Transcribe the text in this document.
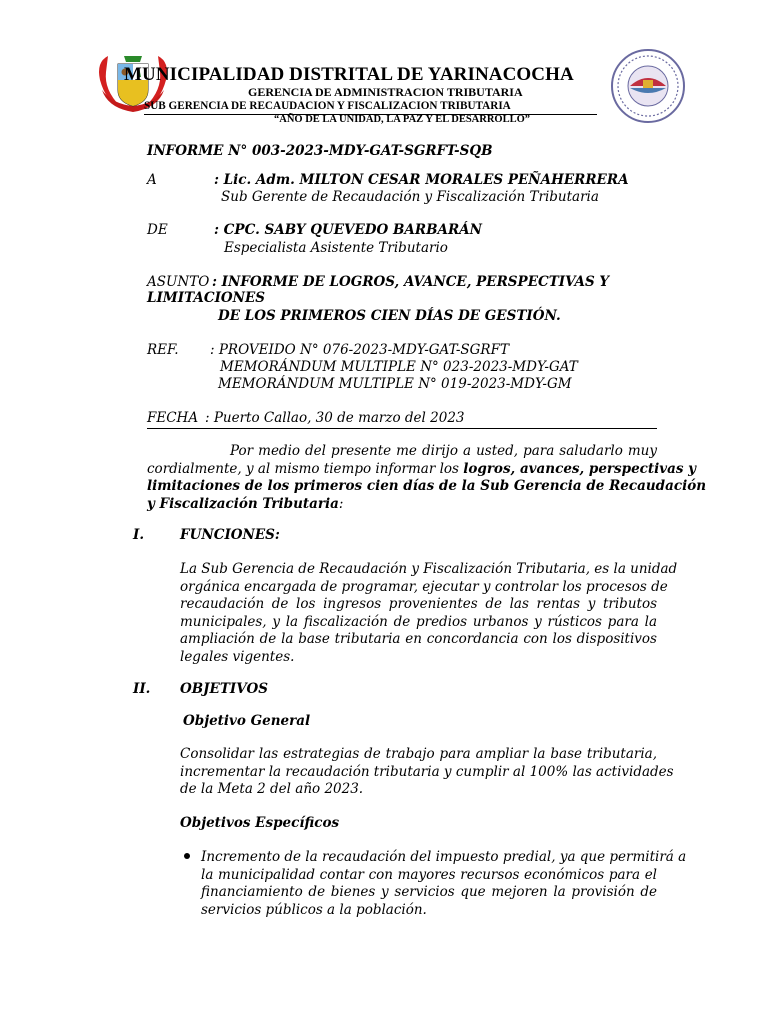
MUNICIPALIDAD DISTRITAL DE YARINACOCHA
GERENCIA DE ADMINISTRACION TRIBUTARIA
SUB GERENCIA DE RECAUDACION Y FISCALIZACION TRIBUTARIA
“AÑO DE LA UNIDAD, LA PAZ Y EL DESARROLLO”
INFORME N° 003-2023-MDY-GAT-SGRFT-SQB
A	: Lic. Adm. MILTON CESAR MORALES PEÑAHERRERA
Sub Gerente de Recaudación y Fiscalización Tributaria
DE	: CPC. SABY QUEVEDO BARBARÁN
Especialista Asistente Tributario
ASUNTO : INFORME DE LOGROS, AVANCE, PERSPECTIVAS Y
LIMITACIONES
DE LOS PRIMEROS CIEN DÍAS DE GESTIÓN.
REF. : PROVEIDO N° 076-2023-MDY-GAT-SGRFT
MEMORÁNDUM MULTIPLE N° 023-2023-MDY-GAT
MEMORÁNDUM MULTIPLE N° 019-2023-MDY-GM
FECHA : Puerto Callao, 30 de marzo del 2023
Por medio del presente me dirijo a usted, para saludarlo muy
cordialmente, y al mismo tiempo informar los logros, avances, perspectivas y
limitaciones de los primeros cien días de la Sub Gerencia de Recaudación
y Fiscalización Tributaria:
I.	FUNCIONES:
La Sub Gerencia de Recaudación y Fiscalización Tributaria, es la unidad
orgánica encargada de programar, ejecutar y controlar los procesos de
recaudación de los ingresos provenientes de las rentas y tributos
municipales, y la fiscalización de predios urbanos y rústicos para la
ampliación de la base tributaria en concordancia con los dispositivos
legales vigentes.
II. OBJETIVOS
Objetivo General
Consolidar las estrategias de trabajo para ampliar la base tributaria,
incrementar la recaudación tributaria y cumplir al 100% las actividades
de la Meta 2 del año 2023.
Objetivos Específicos
Incremento de la recaudación del impuesto predial, ya que permitirá a
la municipalidad contar con mayores recursos económicos para el
financiamiento de bienes y servicios que mejoren la provisión de
servicios públicos a la población.
